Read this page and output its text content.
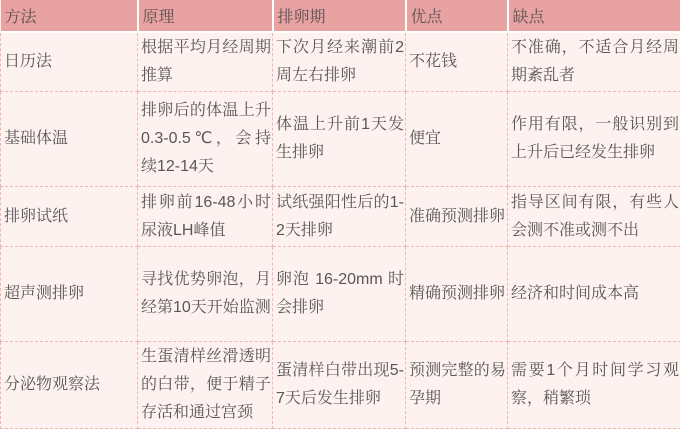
方法	原理	排卵期	优点	缺点
日历法	根据平均月经周期推算	下次月经来潮前2周左右排卵	不花钱	不准确，不适合月经周期紊乱者
基础体温	排卵后的体温上升0.3-0.5℃，会持续12-14天	体温上升前1天发生排卵	便宜	作用有限，一般识别到上升后已经发生排卵
排卵试纸	排卵前16-48小时尿液LH峰值	试纸强阳性后的1-2天排卵	准确预测排卵	指导区间有限，有些人会测不准或测不出
超声测排卵	寻找优势卵泡，月经第10天开始监测	卵泡 16-20mm 时会排卵	精确预测排卵	经济和时间成本高
分泌物观察法	生蛋清样丝滑透明的白带，便于精子存活和通过宫颈	蛋清样白带出现5-7天后发生排卵	预测完整的易孕期	需要1个月时间学习观察，稍繁琐
